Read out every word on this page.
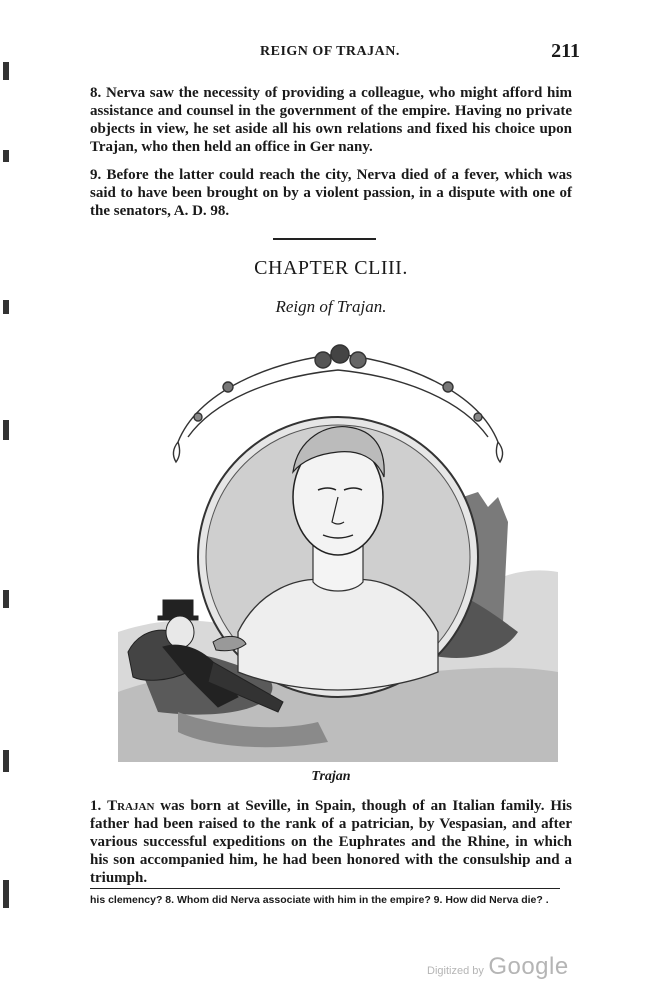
REIGN OF TRAJAN.	211

8. Nerva saw the necessity of providing a colleague, who might afford him assistance and counsel in the government of the empire. Having no private objects in view, he set aside all his own relations and fixed his choice upon Trajan, who then held an office in Ger nany.

9. Before the latter could reach the city, Nerva died of a fever, which was said to have been brought on by a violent passion, in a dispute with one of the senators, A. D. 98.

CHAPTER CLIII.
Reign of Trajan.
Trajan

1. Trajan was born at Seville, in Spain, though of an Italian family. His father had been raised to the rank of a patrician, by Vespasian, and after various successful expeditions on the Euphrates and the Rhine, in which his son accompanied him, he had been honored with the consulship and a triumph.

his clemency? 8. Whom did Nerva associate with him in the empire? 9. How did Nerva die? .
Digitized by Google
